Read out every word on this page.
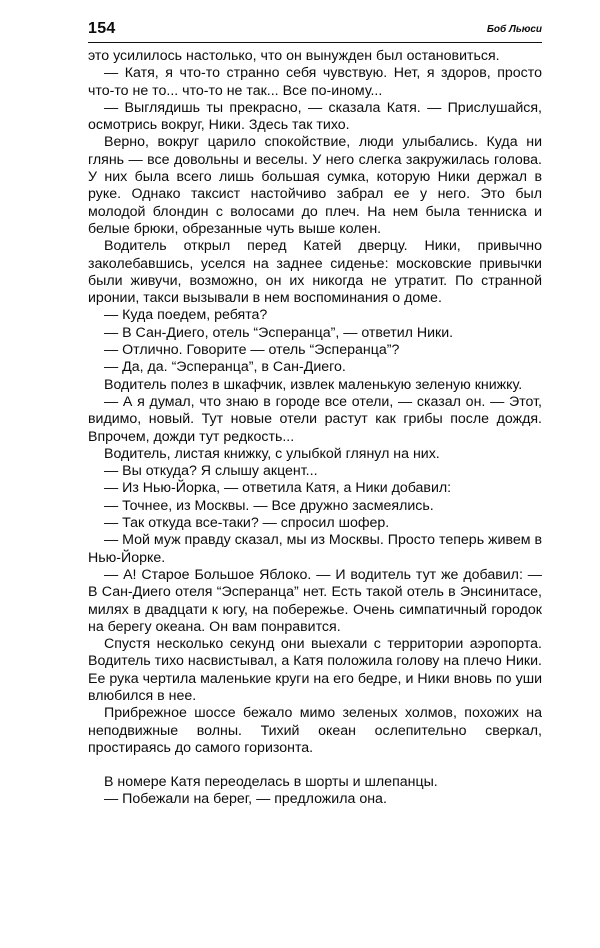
154	Боб Льюси

это усилилось настолько, что он вынужден был остановиться.

— Катя, я что-то странно себя чувствую. Нет, я здоров, просто что-то не то... что-то не так... Все по-иному...

— Выглядишь ты прекрасно, — сказала Катя. — Прислушайся, осмотрись вокруг, Ники. Здесь так тихо.

Верно, вокруг царило спокойствие, люди улыбались. Куда ни глянь — все довольны и веселы. У него слегка закружилась голова. У них была всего лишь большая сумка, которую Ники держал в руке. Однако таксист настойчиво забрал ее у него. Это был молодой блондин с волосами до плеч. На нем была тенниска и белые брюки, обрезанные чуть выше колен.

Водитель открыл перед Катей дверцу. Ники, привычно заколебавшись, уселся на заднее сиденье: московские привычки были живучи, возможно, он их никогда не утратит. По странной иронии, такси вызывали в нем воспоминания о доме.

— Куда поедем, ребята?

— В Сан-Диего, отель “Эсперанца”, — ответил Ники.

— Отлично. Говорите — отель “Эсперанца”?

— Да, да. “Эсперанца”, в Сан-Диего.

Водитель полез в шкафчик, извлек маленькую зеленую книжку.

— А я думал, что знаю в городе все отели, — сказал он. — Этот, видимо, новый. Тут новые отели растут как грибы после дождя. Впрочем, дожди тут редкость...

Водитель, листая книжку, с улыбкой глянул на них.

— Вы откуда? Я слышу акцент...

— Из Нью-Йорка, — ответила Катя, а Ники добавил:

— Точнее, из Москвы. — Все дружно засмеялись.

— Так откуда все-таки? — спросил шофер.

— Мой муж правду сказал, мы из Москвы. Просто теперь живем в Нью-Йорке.

— А! Старое Большое Яблоко. — И водитель тут же добавил: — В Сан-Диего отеля “Эсперанца” нет. Есть такой отель в Энсинитасе, милях в двадцати к югу, на побережье. Очень симпатичный городок на берегу океана. Он вам понравится.

Спустя несколько секунд они выехали с территории аэропорта. Водитель тихо насвистывал, а Катя положила голову на плечо Ники. Ее рука чертила маленькие круги на его бедре, и Ники вновь по уши влюбился в нее.

Прибрежное шоссе бежало мимо зеленых холмов, похожих на неподвижные волны. Тихий океан ослепительно сверкал, простираясь до самого горизонта.

В номере Катя переоделась в шорты и шлепанцы.

— Побежали на берег, — предложила она.
